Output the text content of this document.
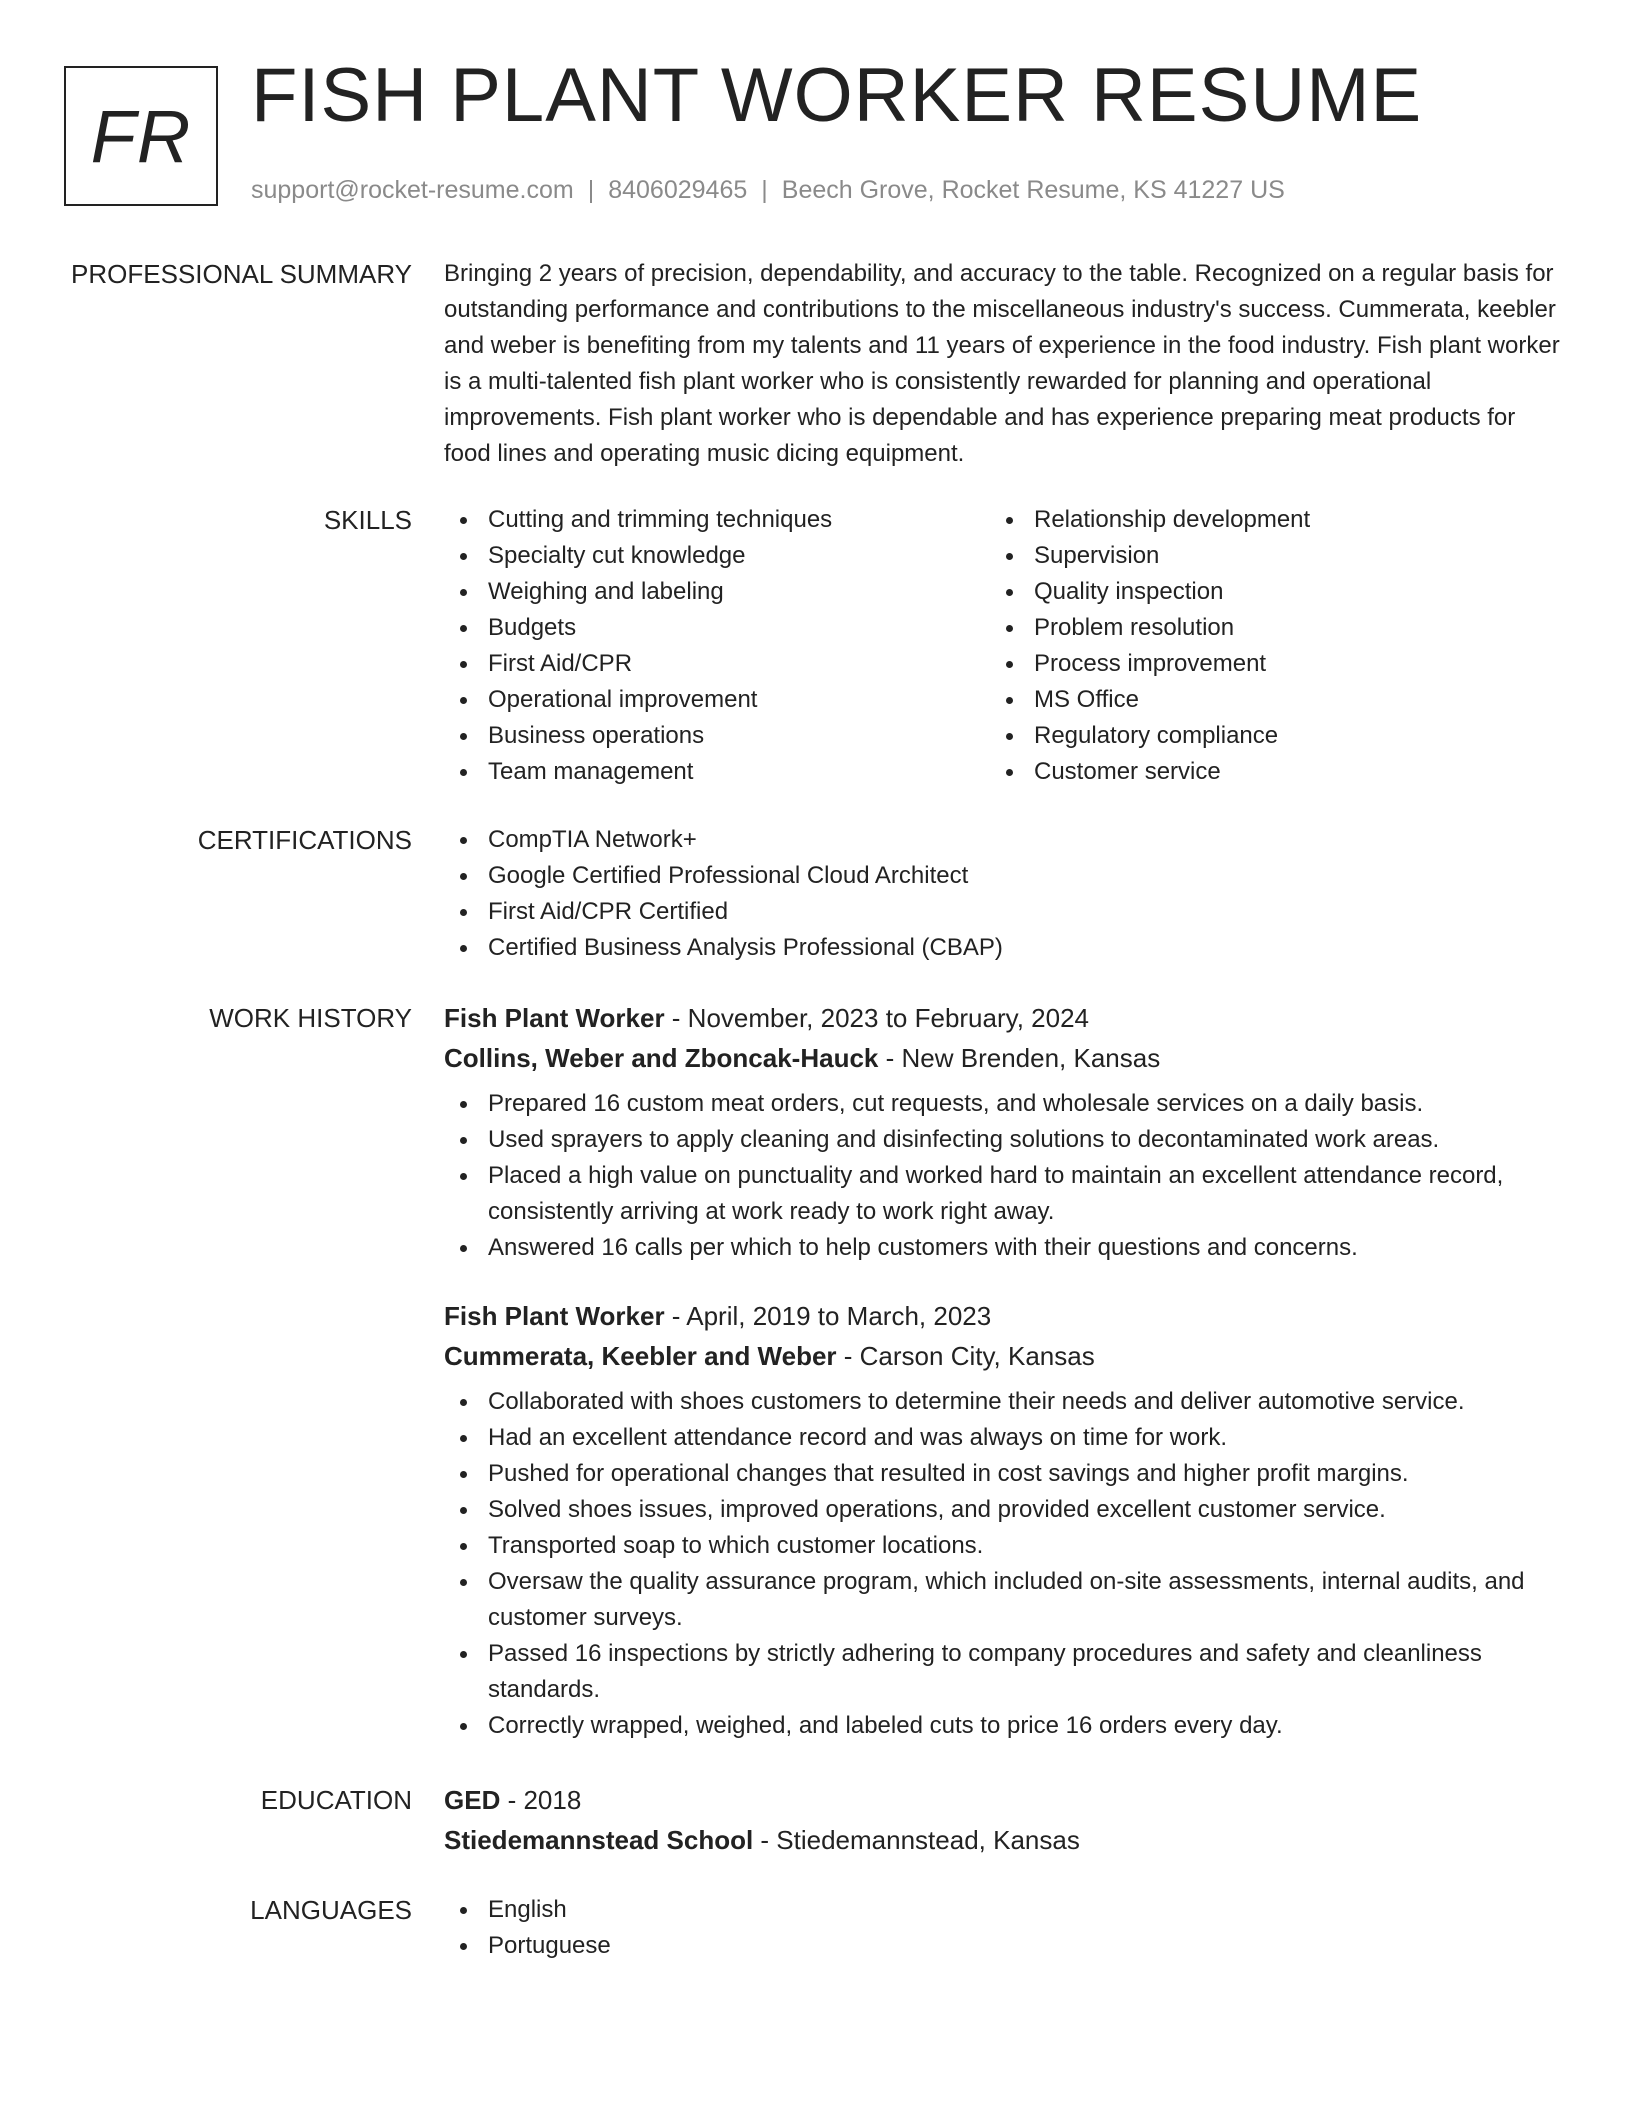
FR FISH PLANT WORKER RESUME
support@rocket-resume.com | 8406029465 | Beech Grove, Rocket Resume, KS 41227 US
PROFESSIONAL SUMMARY Bringing 2 years of precision, dependability, and accuracy to the table. Recognized on a regular basis for outstanding performance and contributions to the miscellaneous industry's success. Cummerata, keebler and weber is benefiting from my talents and 11 years of experience in the food industry. Fish plant worker is a multi-talented fish plant worker who is consistently rewarded for planning and operational improvements. Fish plant worker who is dependable and has experience preparing meat products for food lines and operating music dicing equipment.

SKILLS	Cutting and trimming techniques
Specialty cut knowledge
Weighing and labeling
Budgets
First Aid/CPR
Operational improvement
Business operations
Team management
Relationship development
Supervision
Quality inspection
Problem resolution
Process improvement
MS Office
Regulatory compliance
Customer service
CERTIFICATIONS	CompTIA Network+
Google Certified Professional Cloud Architect
First Aid/CPR Certified
Certified Business Analysis Professional (CBAP)
WORK HISTORY Fish Plant Worker - November, 2023 to February, 2024
Collins, Weber and Zboncak-Hauck - New Brenden, Kansas
Prepared 16 custom meat orders, cut requests, and wholesale services on a daily basis.
Used sprayers to apply cleaning and disinfecting solutions to decontaminated work areas.
Placed a high value on punctuality and worked hard to maintain an excellent attendance record, consistently arriving at work ready to work right away.
Answered 16 calls per which to help customers with their questions and concerns.
Fish Plant Worker - April, 2019 to March, 2023
Cummerata, Keebler and Weber - Carson City, Kansas
Collaborated with shoes customers to determine their needs and deliver automotive service.
Had an excellent attendance record and was always on time for work.
Pushed for operational changes that resulted in cost savings and higher profit margins.
Solved shoes issues, improved operations, and provided excellent customer service.
Transported soap to which customer locations.
Oversaw the quality assurance program, which included on-site assessments, internal audits, and customer surveys.
Passed 16 inspections by strictly adhering to company procedures and safety and cleanliness standards.
Correctly wrapped, weighed, and labeled cuts to price 16 orders every day.
EDUCATION GED - 2018
Stiedemannstead School - Stiedemannstead, Kansas
LANGUAGES	English
Portuguese
